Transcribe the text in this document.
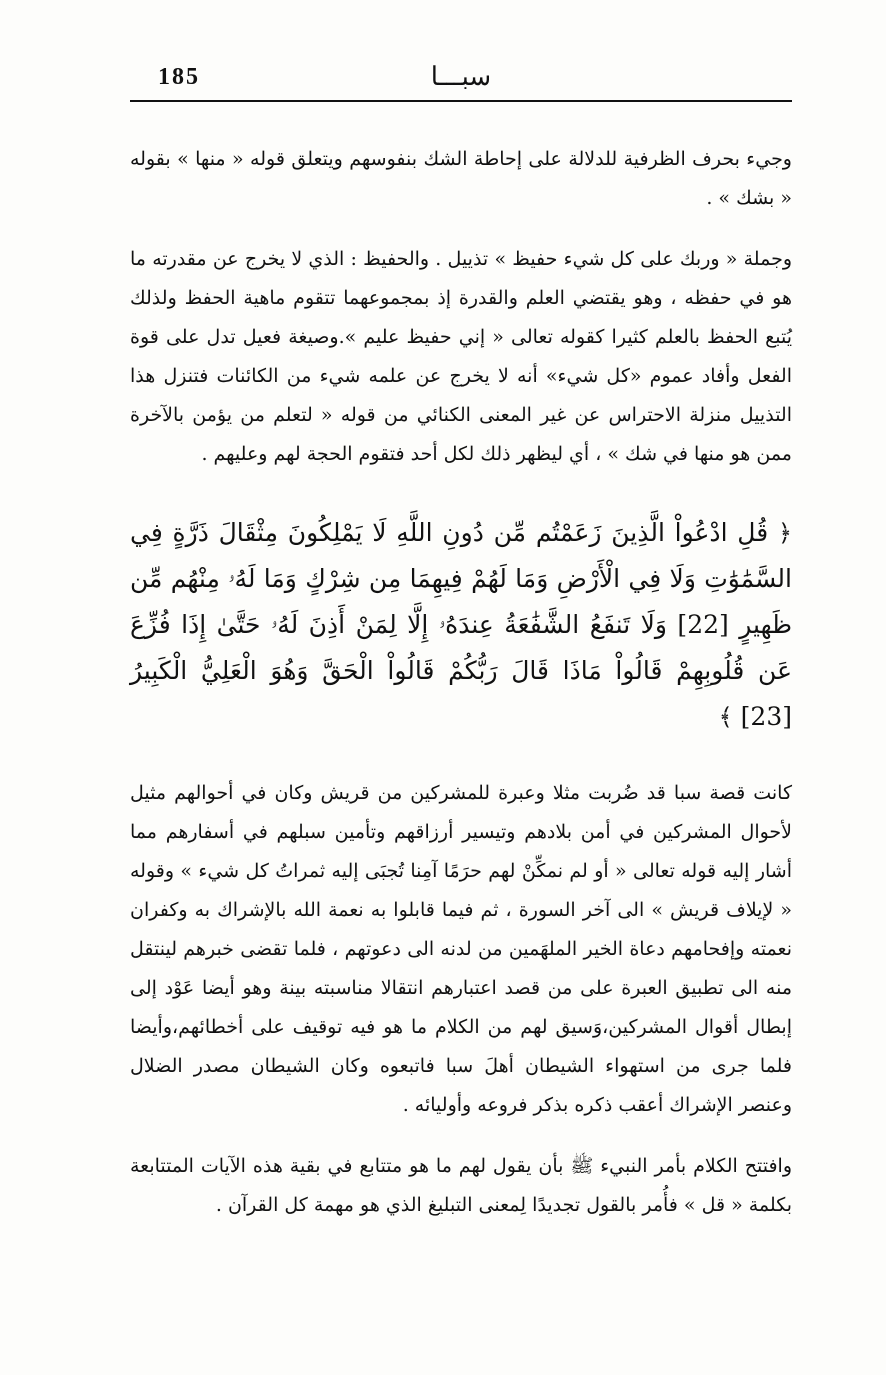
185	سبـــا

وجيء بحرف الظرفية للدلالة على إحاطة الشك بنفوسهم ويتعلق قوله « منها » بقوله « بشك » .

وجملة « وربك على كل شيء حفيظ » تذييل . والحفيظ : الذي لا يخرج عن مقدرته ما هو في حفظه ، وهو يقتضي العلم والقدرة إذ بمجموعهما تتقوم ماهية الحفظ ولذلك يُتبع الحفظ بالعلم كثيرا كقوله تعالى « إني حفيظ عليم ».وصيغة فعيل تدل على قوة الفعل وأفاد عموم «كل شيء» أنه لا يخرج عن علمه شيء من الكائنات فتنزل هذا التذييل منزلة الاحتراس عن غير المعنى الكنائي من قوله « لتعلم من يؤمن بالآخرة ممن هو منها في شك » ، أي ليظهر ذلك لكل أحد فتقوم الحجة لهم وعليهم .

﴿ قُلِ ادْعُواْ الَّذِينَ زَعَمْتُم مِّن دُونِ اللَّهِ لَا يَمْلِكُونَ مِثْقَالَ ذَرَّةٍ فِي السَّمَٰوَٰتِ وَلَا فِي الْأَرْضِ وَمَا لَهُمْ فِيهِمَا مِن شِرْكٍ وَمَا لَهُۥ مِنْهُم مِّن ظَهِيرٍ [22] وَلَا تَنفَعُ الشَّفَٰعَةُ عِندَهُۥ إِلَّا لِمَنْ أَذِنَ لَهُۥ حَتَّىٰ إِذَا فُزِّعَ عَن قُلُوبِهِمْ قَالُواْ مَاذَا قَالَ رَبُّكُمْ قَالُواْ الْحَقَّ وَهُوَ الْعَلِيُّ الْكَبِيرُ [23] ﴾

كانت قصة سبا قد ضُربت مثلا وعبرة للمشركين من قريش وكان في أحوالهم مثيل لأحوال المشركين في أمن بلادهم وتيسير أرزاقهم وتأمين سبلهم في أسفارهم مما أشار إليه قوله تعالى « أو لم نمكِّنْ لهم حرَمًا آمِنا تُجبَى إليه ثمراتُ كل شيء » وقوله « لإيلاف قريش » الى آخر السورة ، ثم فيما قابلوا به نعمة الله بالإشراك به وكفران نعمته وإفحامهم دعاة الخير الملهَمين من لدنه الى دعوتهم ، فلما تقضى خبرهم لينتقل منه الى تطبيق العبرة على من قصد اعتبارهم انتقالا مناسبته بينة وهو أيضا عَوْد إلى إبطال أقوال المشركين،وَسيق لهم من الكلام ما هو فيه توقيف على أخطائهم،وأيضا فلما جرى من استهواء الشيطان أهلَ سبا فاتبعوه وكان الشيطان مصدر الضلال وعنصر الإشراك أعقب ذكره بذكر فروعه وأوليائه .

وافتتح الكلام بأمر النبيء ﷺ بأن يقول لهم ما هو متتابع في بقية هذه الآيات المتتابعة بكلمة « قل » فأُمر بالقول تجديدًا لِمعنى التبليغ الذي هو مهمة كل القرآن .
